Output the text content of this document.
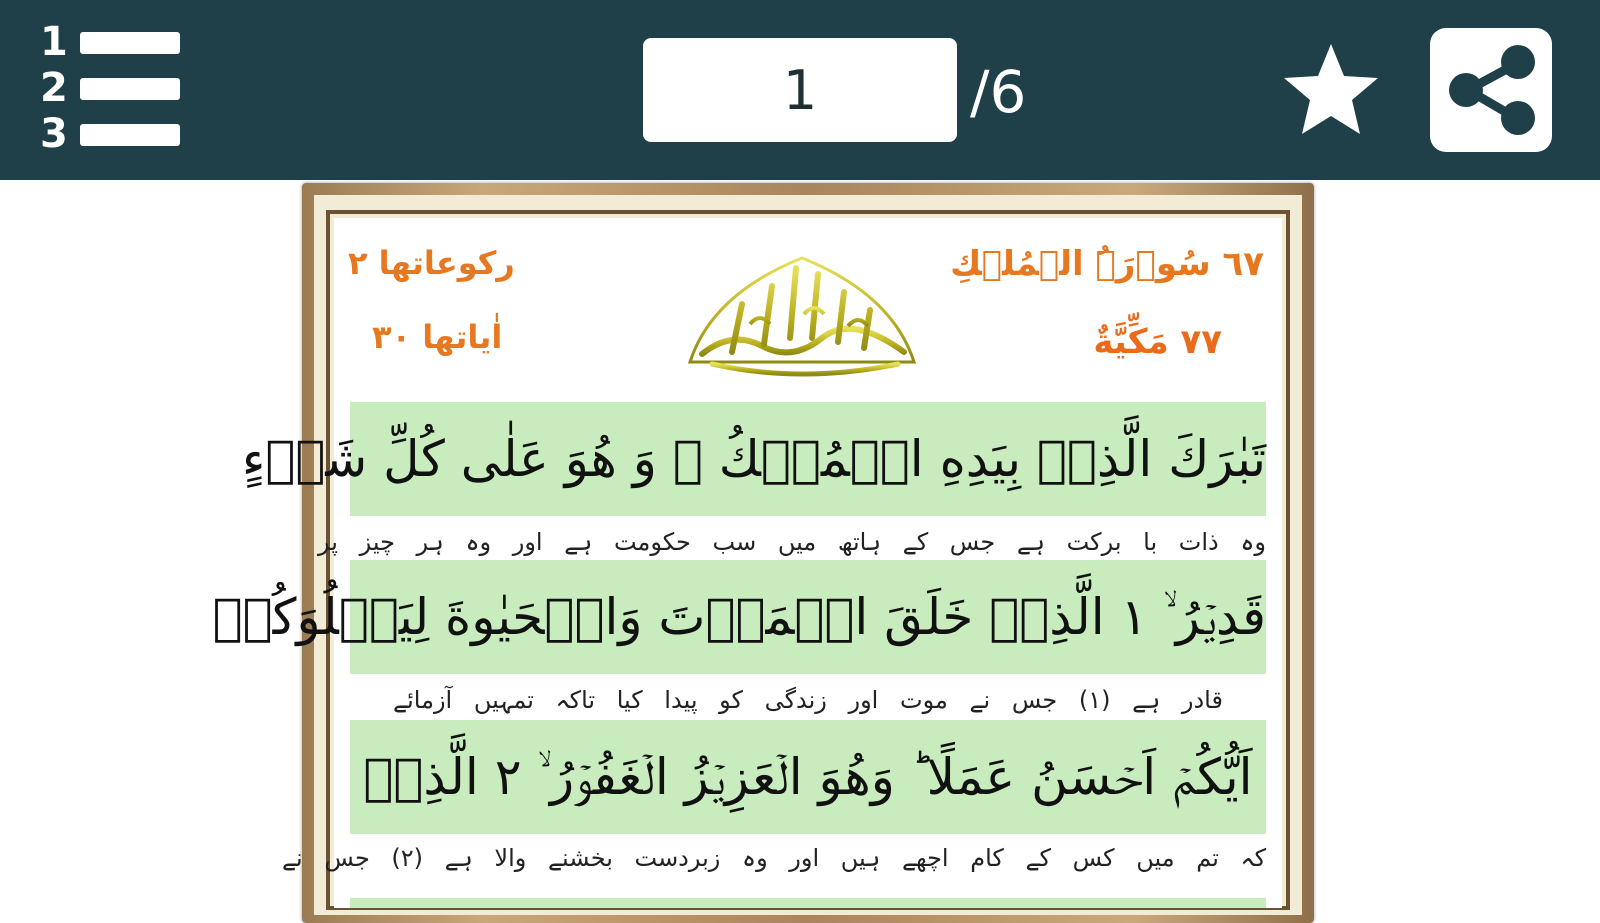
1
2
3
1
/6
٦٧ سُوۡرَۃُ الۡمُلۡكِ
٧٧ مَكِّيَّةٌ
رکوعاتها ٢
اٰیاتها ٣٠
تَبٰرَكَ الَّذِىۡ بِيَدِهِ الۡمُلۡكُ ۚ وَ هُوَ عَلٰى كُلِّ شَىۡءٍ
وہ ذات با برکت ہے جس کے ہاتھ میں سب حکومت ہے اور وہ ہر چیز پر
قَدِيۡرُ ۙ‏ ١ الَّذِىۡ خَلَقَ الۡمَوۡتَ وَالۡحَيٰوةَ لِيَبۡلُوَكُمۡ
قادر ہے (١) جس نے موت اور زندگی کو پیدا کیا تاکہ تمہیں آزمائے
اَيُّكُمۡ اَحۡسَنُ عَمَلًا ‌ؕ وَهُوَ الۡعَزِيۡزُ الۡغَفُوۡرُ ۙ‏ ٢ الَّذِىۡ
کہ تم میں کس کے کام اچھے ہیں اور وہ زبردست بخشنے والا ہے (٢) جس نے
